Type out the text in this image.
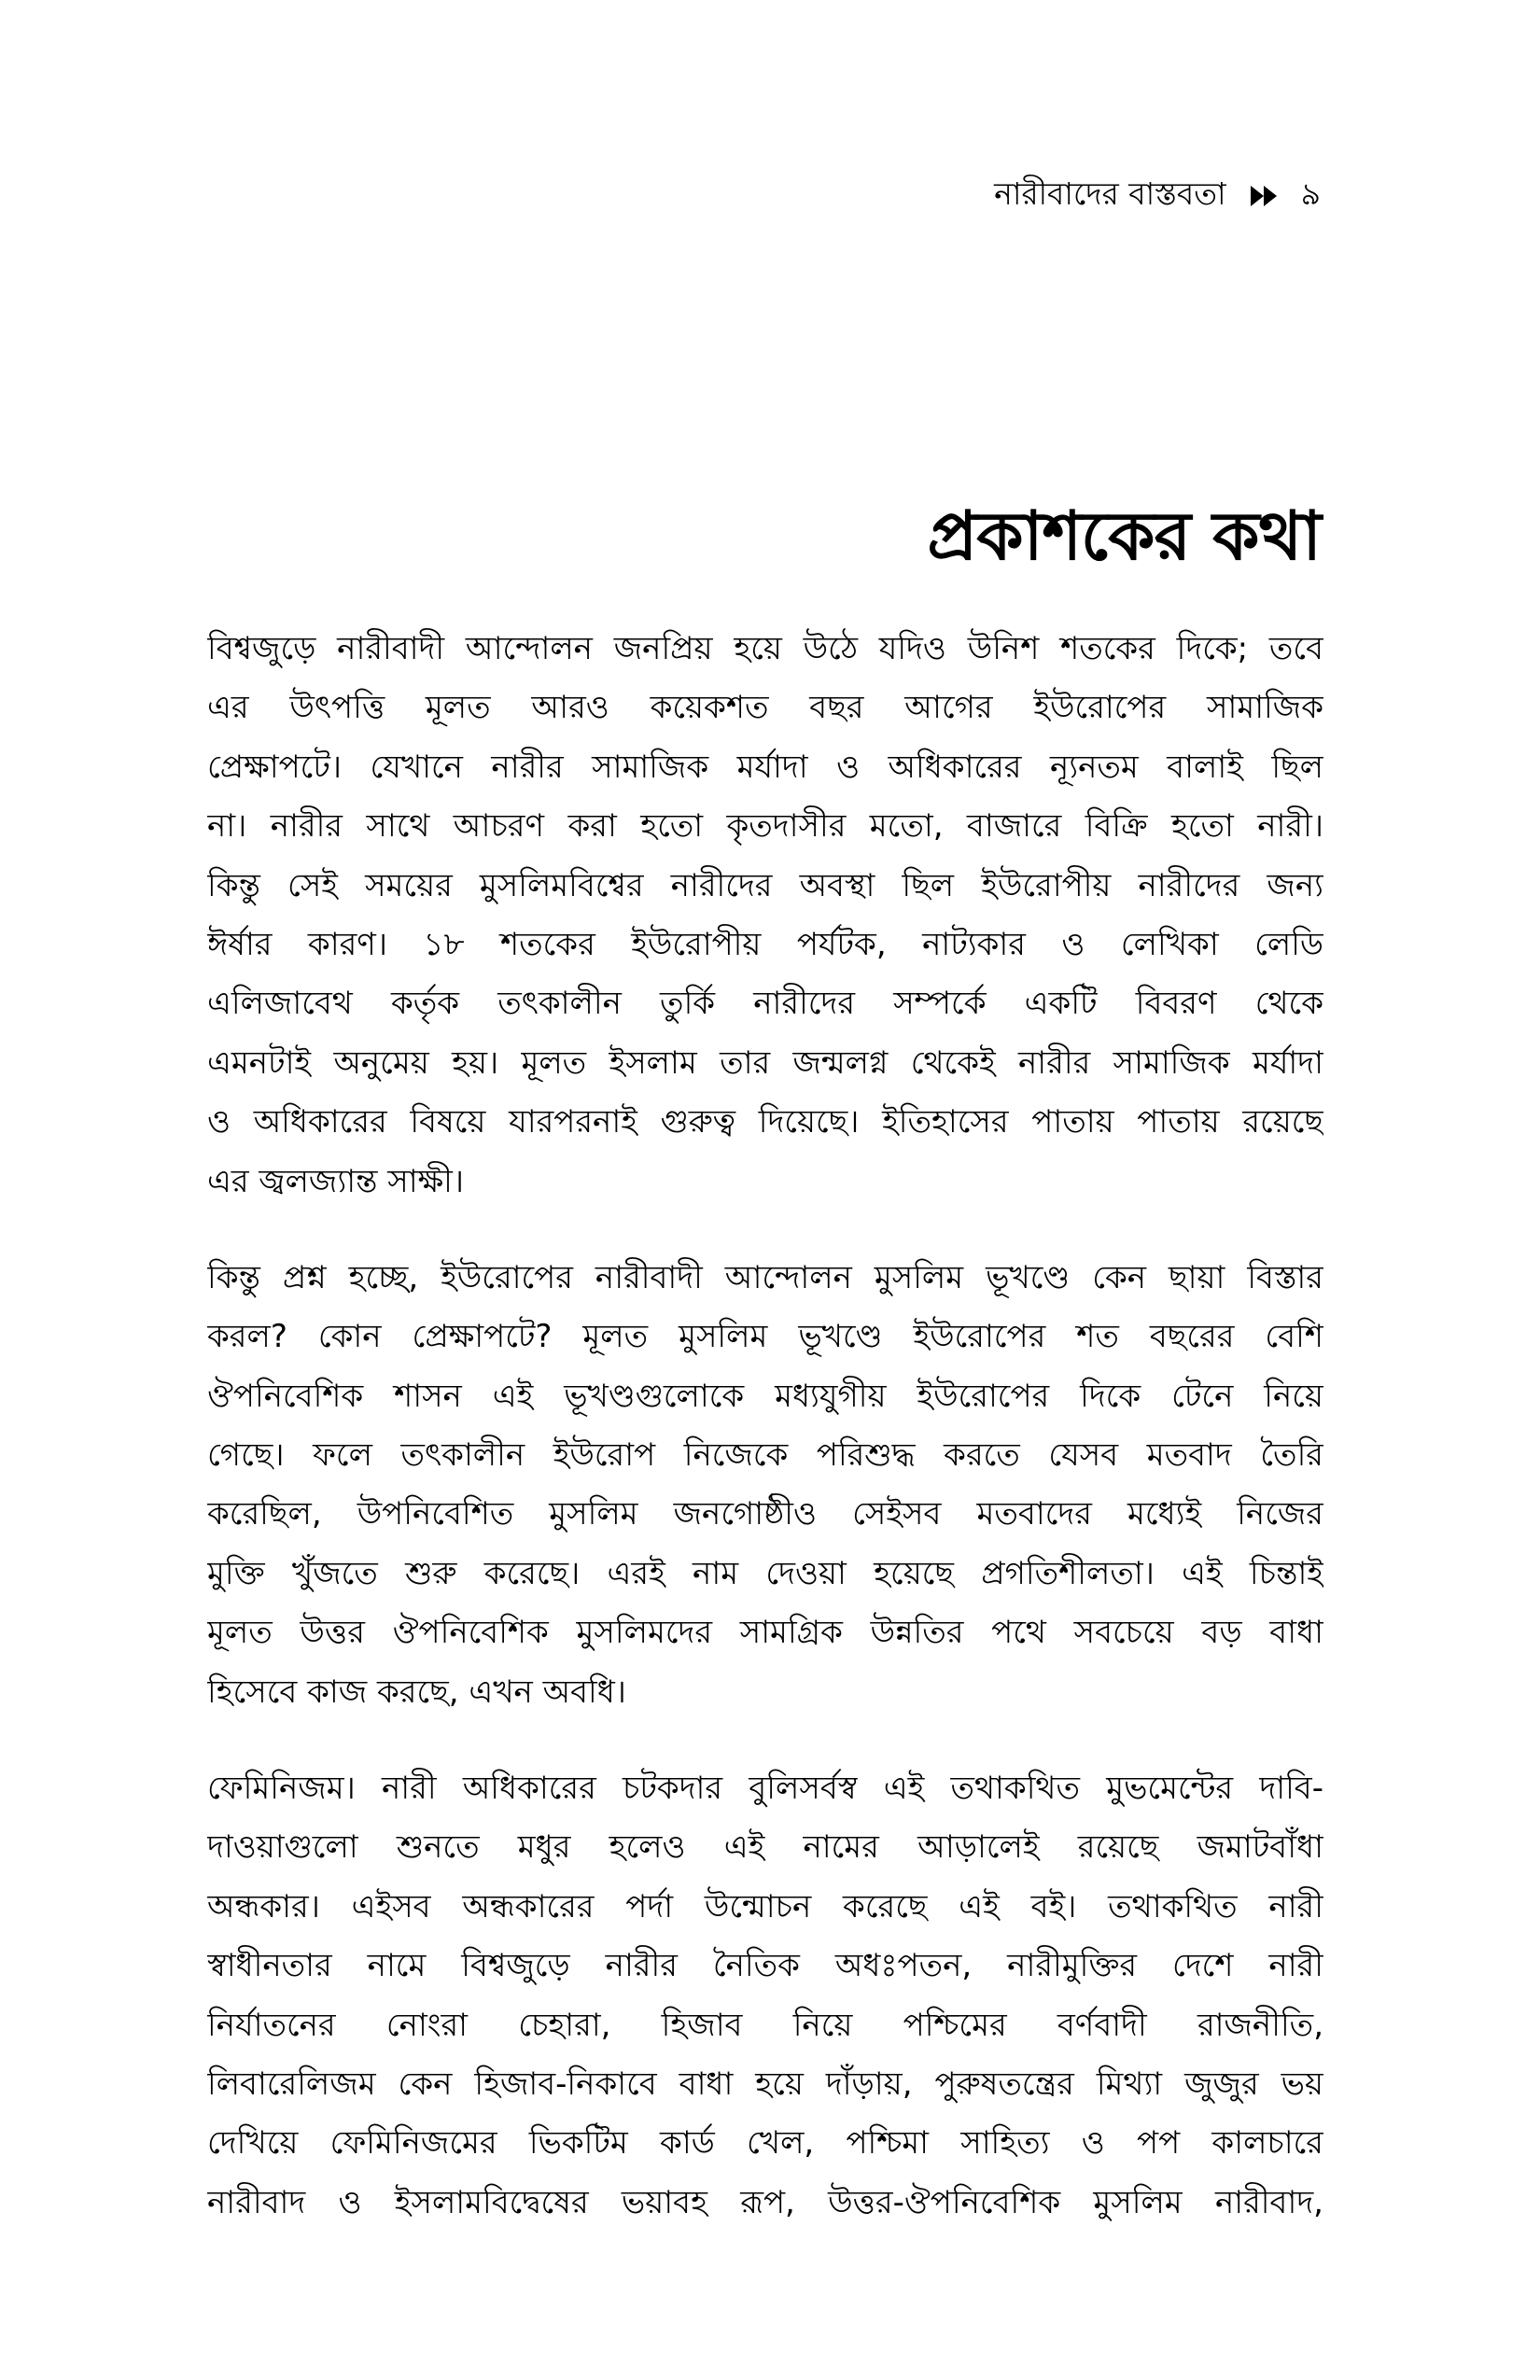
নারীবাদের বাস্তবতা ৯
প্রকাশকের কথা
বিশ্বজুড়ে নারীবাদী আন্দোলন জনপ্রিয় হয়ে উঠে যদিও উনিশ শতকের দিকে; তবে
এর উৎপত্তি মূলত আরও কয়েকশত বছর আগের ইউরোপের সামাজিক
প্রেক্ষাপটে। যেখানে নারীর সামাজিক মর্যাদা ও অধিকারের ন্যূনতম বালাই ছিল
না। নারীর সাথে আচরণ করা হতো কৃতদাসীর মতো, বাজারে বিক্রি হতো নারী।
কিন্তু সেই সময়ের মুসলিমবিশ্বের নারীদের অবস্থা ছিল ইউরোপীয় নারীদের জন্য
ঈর্ষার কারণ। ১৮ শতকের ইউরোপীয় পর্যটক, নাট্যকার ও লেখিকা লেডি
এলিজাবেথ কর্তৃক তৎকালীন তুর্কি নারীদের সম্পর্কে একটি বিবরণ থেকে
এমনটাই অনুমেয় হয়। মূলত ইসলাম তার জন্মলগ্ন থেকেই নারীর সামাজিক মর্যাদা
ও অধিকারের বিষয়ে যারপরনাই গুরুত্ব দিয়েছে। ইতিহাসের পাতায় পাতায় রয়েছে
এর জ্বলজ্যান্ত সাক্ষী।
কিন্তু প্রশ্ন হচ্ছে, ইউরোপের নারীবাদী আন্দোলন মুসলিম ভূখণ্ডে কেন ছায়া বিস্তার
করল? কোন প্রেক্ষাপটে? মূলত মুসলিম ভূখণ্ডে ইউরোপের শত বছরের বেশি
ঔপনিবেশিক শাসন এই ভূখণ্ডগুলোকে মধ্যযুগীয় ইউরোপের দিকে টেনে নিয়ে
গেছে। ফলে তৎকালীন ইউরোপ নিজেকে পরিশুদ্ধ করতে যেসব মতবাদ তৈরি
করেছিল, উপনিবেশিত মুসলিম জনগোষ্ঠীও সেইসব মতবাদের মধ্যেই নিজের
মুক্তি খুঁজতে শুরু করেছে। এরই নাম দেওয়া হয়েছে প্রগতিশীলতা। এই চিন্তাই
মূলত উত্তর ঔপনিবেশিক মুসলিমদের সামগ্রিক উন্নতির পথে সবচেয়ে বড় বাধা
হিসেবে কাজ করছে, এখন অবধি।
ফেমিনিজম। নারী অধিকারের চটকদার বুলিসর্বস্ব এই তথাকথিত মুভমেন্টের দাবি-
দাওয়াগুলো শুনতে মধুর হলেও এই নামের আড়ালেই রয়েছে জমাটবাঁধা
অন্ধকার। এইসব অন্ধকারের পর্দা উন্মোচন করেছে এই বই। তথাকথিত নারী
স্বাধীনতার নামে বিশ্বজুড়ে নারীর নৈতিক অধঃপতন, নারীমুক্তির দেশে নারী
নির্যাতনের নোংরা চেহারা, হিজাব নিয়ে পশ্চিমের বর্ণবাদী রাজনীতি,
লিবারেলিজম কেন হিজাব-নিকাবে বাধা হয়ে দাঁড়ায়, পুরুষতন্ত্রের মিথ্যা জুজুর ভয়
দেখিয়ে ফেমিনিজমের ভিকটিম কার্ড খেল, পশ্চিমা সাহিত্য ও পপ কালচারে
নারীবাদ ও ইসলামবিদ্বেষের ভয়াবহ রূপ, উত্তর-ঔপনিবেশিক মুসলিম নারীবাদ,
